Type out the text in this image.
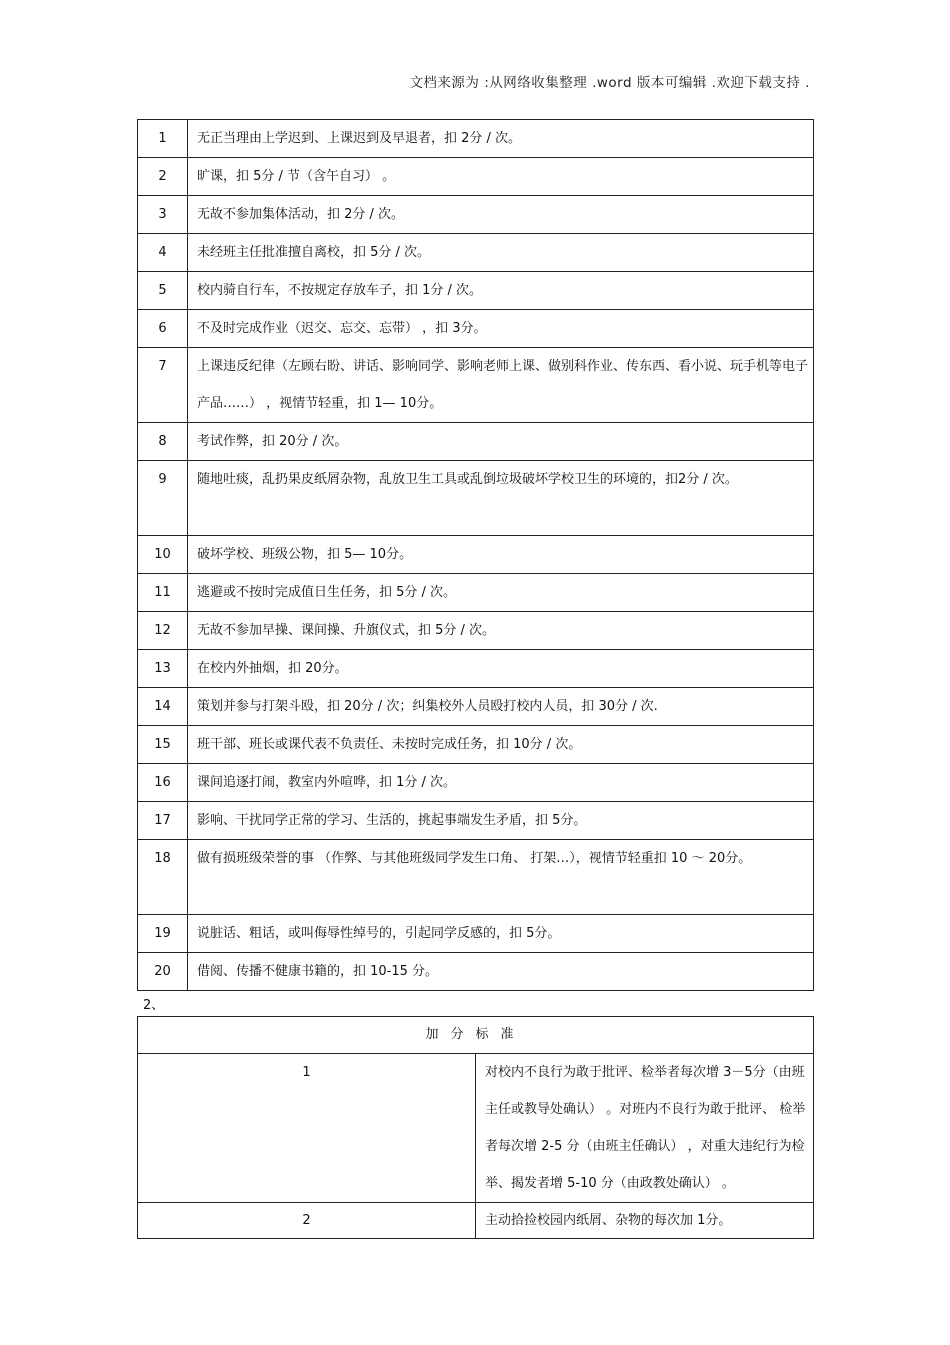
文档来源为 :从网络收集整理 .word 版本可编辑 .欢迎下载支持 .
1	无正当理由上学迟到、上课迟到及早退者，扣 2分 / 次。
2	旷课，扣 5分 / 节（含午自习） 。
3	无故不参加集体活动，扣 2分 / 次。
4	未经班主任批准擅自离校，扣 5分 / 次。
5	校内骑自行车，不按规定存放车子，扣 1分 / 次。
6	不及时完成作业（迟交、忘交、忘带） ，扣 3分。
7	上课违反纪律（左顾右盼、讲话、影响同学、影响老师上课、做别科作业、传东西、看小说、玩手机等电子产品……） ，视情节轻重，扣 1— 10分。
8	考试作弊，扣 20分 / 次。
9	随地吐痰，乱扔果皮纸屑杂物，乱放卫生工具或乱倒垃圾破坏学校卫生的环境的，扣2分 / 次。
10	破坏学校、班级公物，扣 5— 10分。
11	逃避或不按时完成值日生任务，扣 5分 / 次。
12	无故不参加早操、课间操、升旗仪式，扣 5分 / 次。
13	在校内外抽烟，扣 20分。
14	策划并参与打架斗殴，扣 20分 / 次；纠集校外人员殴打校内人员，扣 30分 / 次.
15	班干部、班长或课代表不负责任、未按时完成任务，扣 10分 / 次。
16	课间追逐打闹，教室内外喧哗，扣 1分 / 次。
17	影响、干扰同学正常的学习、生活的，挑起事端发生矛盾，扣 5分。
18	做有损班级荣誉的事 （作弊、与其他班级同学发生口角、 打架…），视情节轻重扣 10 ～ 20分。
19	说脏话、粗话，或叫侮辱性绰号的，引起同学反感的，扣 5分。
20	借阅、传播不健康书籍的，扣 10-15 分。
2、
加分标准	
1	对校内不良行为敢于批评、检举者每次增 3－5分（由班主任或教导处确认） 。对班内不良行为敢于批评、 检举者每次增 2-5 分（由班主任确认） ，对重大违纪行为检举、揭发者增 5-10 分（由政教处确认） 。
2	主动拾捡校园内纸屑、杂物的每次加 1分。
